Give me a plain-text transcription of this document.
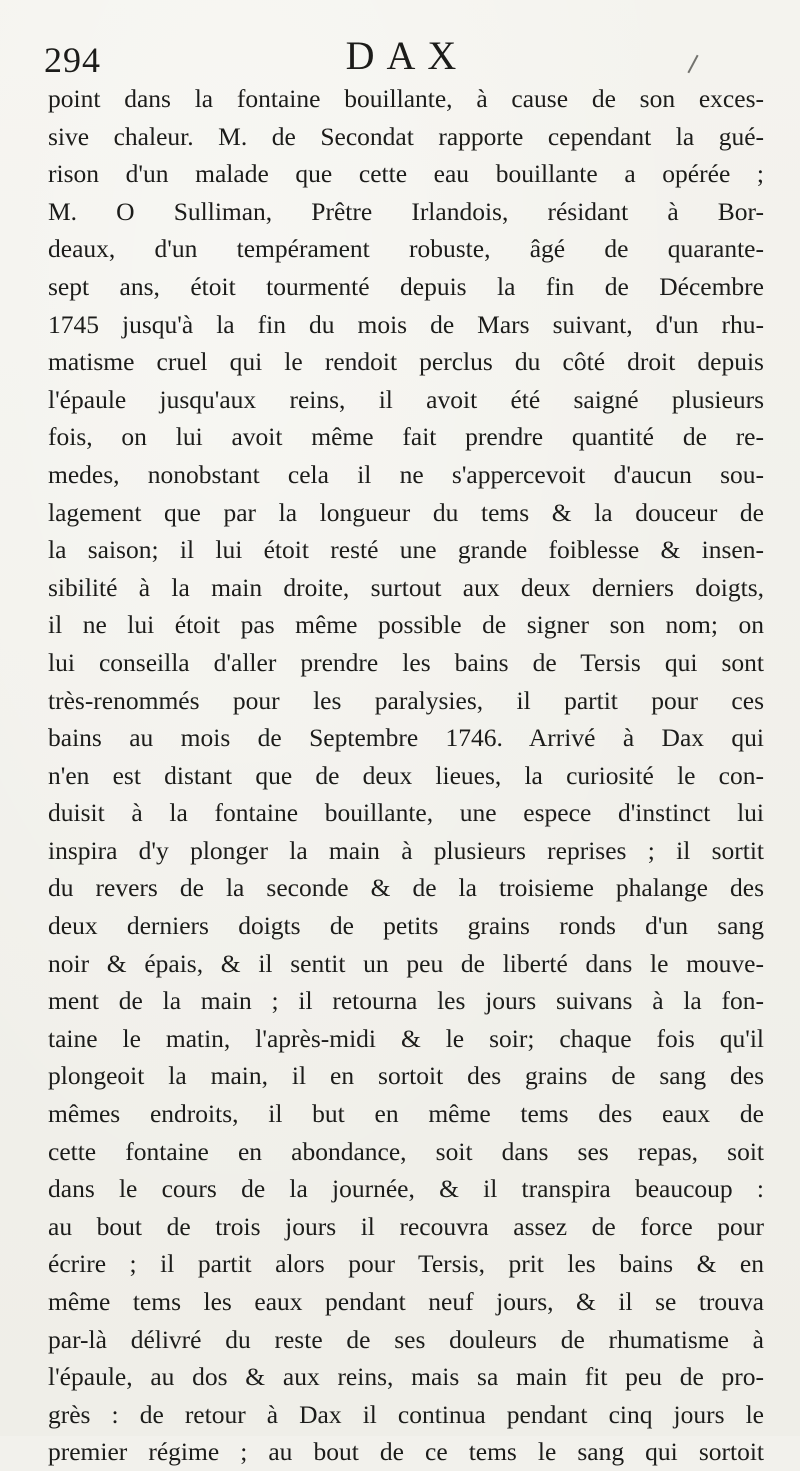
294	DAX
point dans la fontaine bouillante, à cause de son exces-
sive chaleur. M. de Secondat rapporte cependant la gué-
rison d'un malade que cette eau bouillante a opérée ;
M. O Sulliman, Prêtre Irlandois, résidant à Bor-
deaux, d'un tempérament robuste, âgé de quarante-
sept ans, étoit tourmenté depuis la fin de Décembre
1745 jusqu'à la fin du mois de Mars suivant, d'un rhu-
matisme cruel qui le rendoit perclus du côté droit depuis
l'épaule jusqu'aux reins, il avoit été saigné plusieurs
fois, on lui avoit même fait prendre quantité de re-
medes, nonobstant cela il ne s'appercevoit d'aucun sou-
lagement que par la longueur du tems & la douceur de
la saison; il lui étoit resté une grande foiblesse & insen-
sibilité à la main droite, surtout aux deux derniers doigts,
il ne lui étoit pas même possible de signer son nom; on
lui conseilla d'aller prendre les bains de Tersis qui sont
très-renommés pour les paralysies, il partit pour ces
bains au mois de Septembre 1746. Arrivé à Dax qui
n'en est distant que de deux lieues, la curiosité le con-
duisit à la fontaine bouillante, une espece d'instinct lui
inspira d'y plonger la main à plusieurs reprises ; il sortit
du revers de la seconde & de la troisieme phalange des
deux derniers doigts de petits grains ronds d'un sang
noir & épais, & il sentit un peu de liberté dans le mouve-
ment de la main ; il retourna les jours suivans à la fon-
taine le matin, l'après-midi & le soir; chaque fois qu'il
plongeoit la main, il en sortoit des grains de sang des
mêmes endroits, il but en même tems des eaux de
cette fontaine en abondance, soit dans ses repas, soit
dans le cours de la journée, & il transpira beaucoup :
au bout de trois jours il recouvra assez de force pour
écrire ; il partit alors pour Tersis, prit les bains & en
même tems les eaux pendant neuf jours, & il se trouva
par-là délivré du reste de ses douleurs de rhumatisme à
l'épaule, au dos & aux reins, mais sa main fit peu de pro-
grès : de retour à Dax il continua pendant cinq jours le
premier régime ; au bout de ce tems le sang qui sortoit
